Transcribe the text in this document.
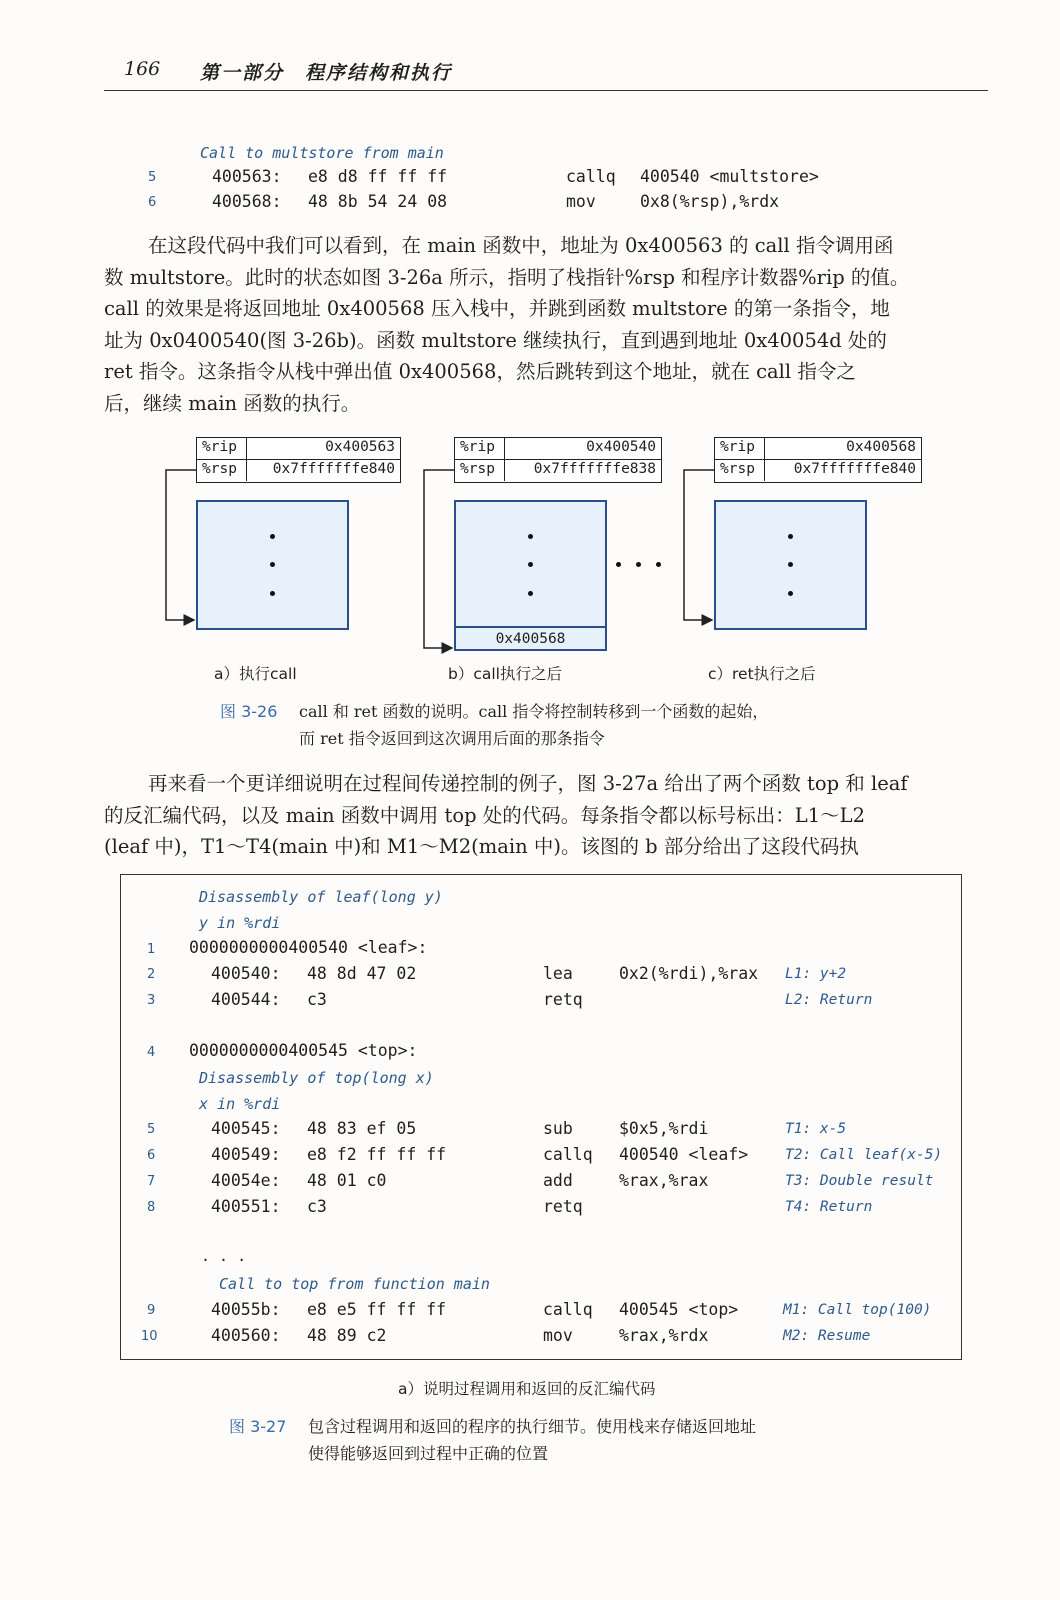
166 第一部分　程序结构和执行
Call to multstore from main
5	400563: e8 d8 ff ff ff	callq 400540 <multstore>
6	400568: 48 8b 54 24 08	mov	0x8(%rsp),%rdx
在这段代码中我们可以看到，在 main 函数中，地址为 0x400563 的 call 指令调用函
数 multstore。此时的状态如图 3-26a 所示，指明了栈指针%rsp 和程序计数器%rip 的值。
call 的效果是将返回地址 0x400568 压入栈中，并跳到函数 multstore 的第一条指令，地
址为 0x0400540(图 3-26b)。函数 multstore 继续执行，直到遇到地址 0x40054d 处的
ret 指令。这条指令从栈中弹出值 0x400568，然后跳转到这个地址，就在 call 指令之
后，继续 main 函数的执行。
%rip	0x400563
%rsp 0x7fffffffe840
a）执行call
%rip	0x400540
%rsp	0x7fffffffe838
0x400568
b）call执行之后
%rip	0x400568
%rsp	0x7fffffffe840
c）ret执行之后
图 3-26 call 和 ret 函数的说明。call 指令将控制转移到一个函数的起始，
而 ret 指令返回到这次调用后面的那条指令
再来看一个更详细说明在过程间传递控制的例子，图 3-27a 给出了两个函数 top 和 leaf
的反汇编代码，以及 main 函数中调用 top 处的代码。每条指令都以标号标出：L1～L2
(leaf 中)，T1～T4(main 中)和 M1～M2(main 中)。该图的 b 部分给出了这段代码执
Disassembly of leaf(long y)
y in %rdi
1 0000000000400540 <leaf>:
2	400540: 48 8d 47 02	lea	0x2(%rdi),%rax L1: y+2
3	400544: c3	retq	L2: Return
4 0000000000400545 <top>:
Disassembly of top(long x)
x in %rdi
5	400545: 48 83 ef 05	sub	$0x5,%rdi	T1: x-5
6	400549: e8 f2 ff ff ff	callq 400540 <leaf>	T2: Call leaf(x-5)
7	40054e: 48 01 c0	add	%rax,%rax	T3: Double result
8	400551: c3	retq	T4: Return
. . .
Call to top from function main
9	40055b: e8 e5 ff ff ff	callq 400545 <top>	M1: Call top(100)
10	400560: 48 89 c2	mov	%rax,%rdx	M2: Resume
a）说明过程调用和返回的反汇编代码
图 3-27 包含过程调用和返回的程序的执行细节。使用栈来存储返回地址
使得能够返回到过程中正确的位置
